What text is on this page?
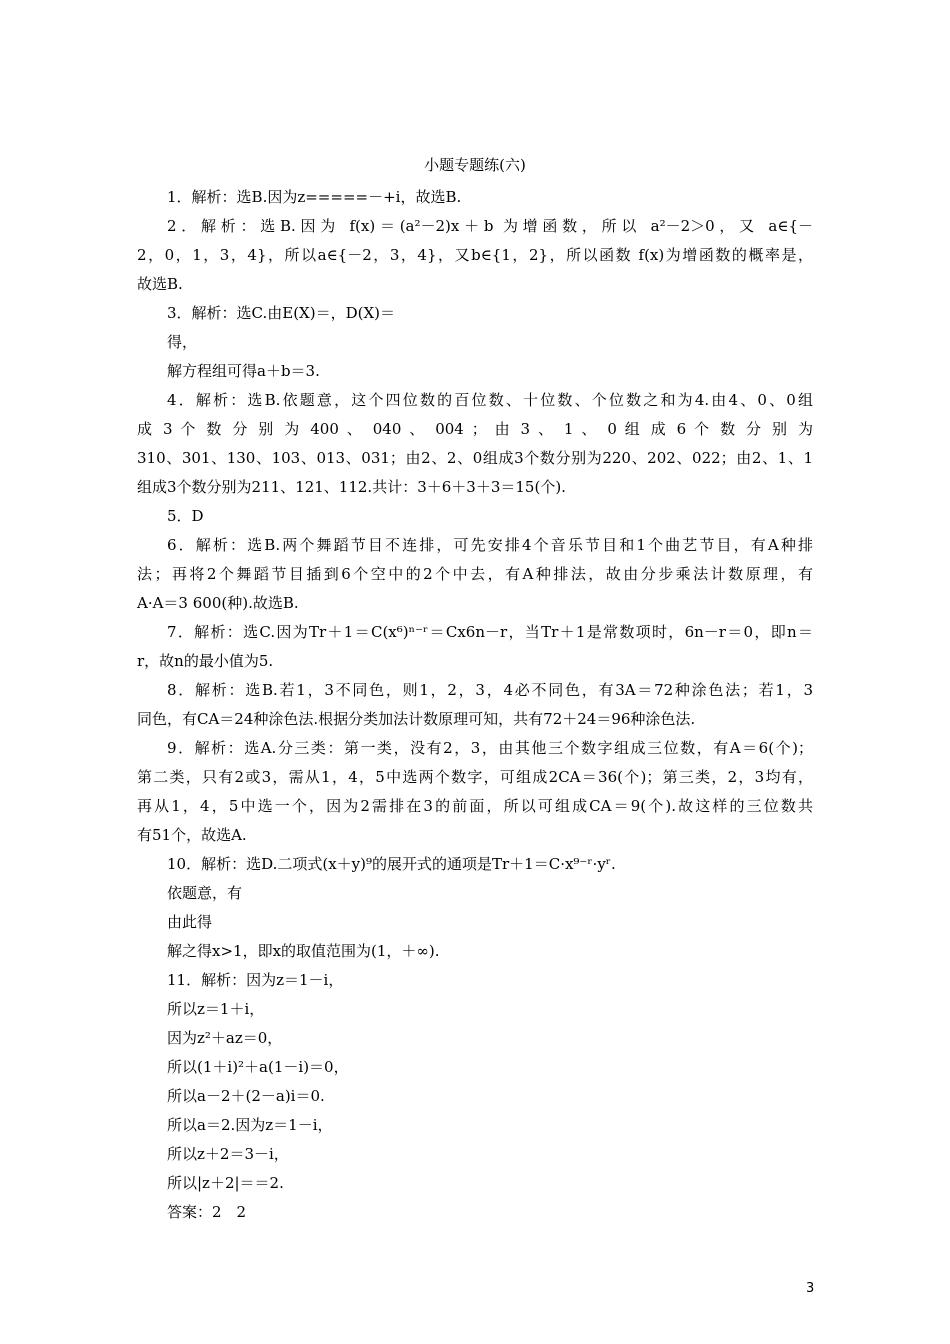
小题专题练(六)
1．解析：选B.因为z=====－+i，故选B.
2．解析：选B.因为 f(x)＝(a²－2)x＋b 为增函数，所以 a²－2＞0，又 a∈{－
2，0，1，3，4}，所以a∈{－2，3，4}，又b∈{1，2}，所以函数 f(x)为增函数的概率是，
故选B.
3．解析：选C.由E(X)＝，D(X)＝
得，
解方程组可得a＋b＝3.
4．解析：选B.依题意，这个四位数的百位数、十位数、个位数之和为4.由4、0、0组
成 3 个 数 分 别 为 400 、 040 、 004 ； 由 3 、 1 、 0 组 成 6 个 数 分 别 为
310、301、130、103、013、031；由2、2、0组成3个数分别为220、202、022；由2、1、1
组成3个数分别为211、121、112.共计：3＋6＋3＋3＝15(个).
5．D
6．解析：选B.两个舞蹈节目不连排，可先安排4个音乐节目和1个曲艺节目，有A种排
法；再将2个舞蹈节目插到6个空中的2个中去，有A种排法，故由分步乘法计数原理，有
A·A＝3 600(种).故选B.
7．解析：选C.因为Tr＋1＝C(x⁶)ⁿ⁻ʳ＝Cx6n－r，当Tr＋1是常数项时，6n－r＝0，即n＝
r，故n的最小值为5.
8．解析：选B.若1，3不同色，则1，2，3，4必不同色，有3A＝72种涂色法；若1，3
同色，有CA＝24种涂色法.根据分类加法计数原理可知，共有72＋24＝96种涂色法.
9．解析：选A.分三类：第一类，没有2，3，由其他三个数字组成三位数，有A＝6(个)；
第二类，只有2或3，需从1，4，5中选两个数字，可组成2CA＝36(个)；第三类，2，3均有，
再从1，4，5中选一个，因为2需排在3的前面，所以可组成CA＝9(个).故这样的三位数共
有51个，故选A.
10．解析：选D.二项式(x＋y)⁹的展开式的通项是Tr＋1＝C·x⁹⁻ʳ·yʳ.
依题意，有
由此得
解之得x>1，即x的取值范围为(1，＋∞).
11．解析：因为z＝1－i，
所以z＝1＋i，
因为z²＋az＝0，
所以(1＋i)²＋a(1－i)＝0，
所以a－2＋(2－a)i＝0.
所以a＝2.因为z＝1－i，
所以z＋2＝3－i，
所以|z＋2|＝＝2.
答案：2　2
3
